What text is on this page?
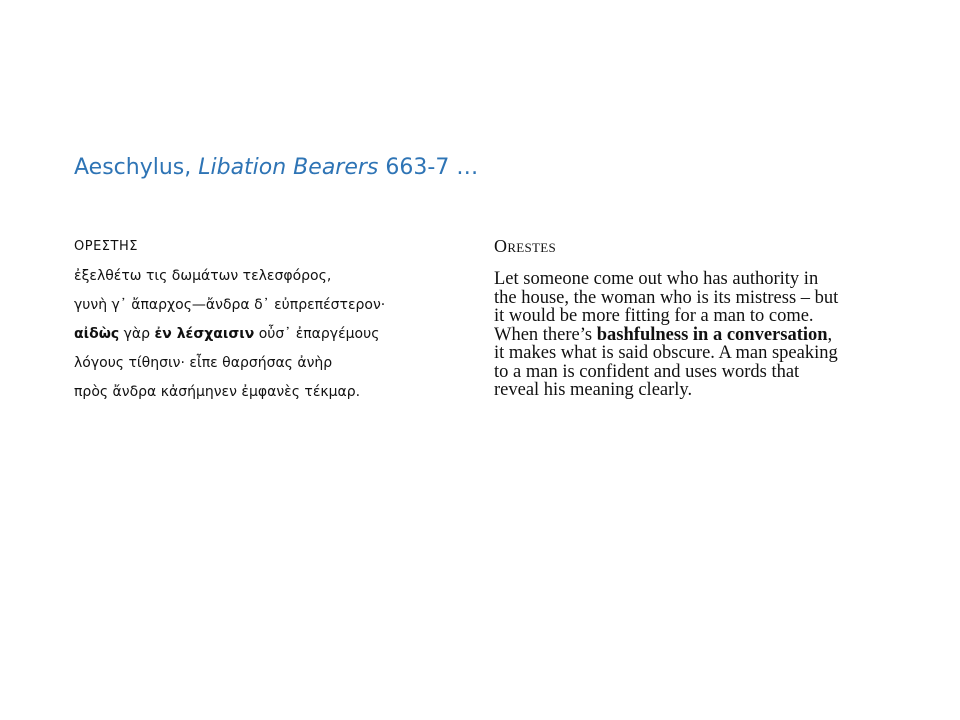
Aeschylus, Libation Bearers 663-7 …
ΟΡΕΣΤΗΣ
ἐξελθέτω τις δωμάτων τελεσφόρος,
γυνὴ γ᾽ ἄπαρχος—ἄνδρα δ᾽ εὐπρεπέστερον·
αἰδὼς γὰρ ἐν λέσχαισιν οὖσ᾽ ἐπαργέμους
λόγους τίθησιν· εἶπε θαρσήσας ἀνὴρ
πρὸς ἄνδρα κἀσήμηνεν ἐμφανὲς τέκμαρ.
ORESTES
Let someone come out who has authority in
the house, the woman who is its mistress – but
it would be more fitting for a man to come.
When there’s bashfulness in a conversation,
it makes what is said obscure. A man speaking
to a man is confident and uses words that
reveal his meaning clearly.
